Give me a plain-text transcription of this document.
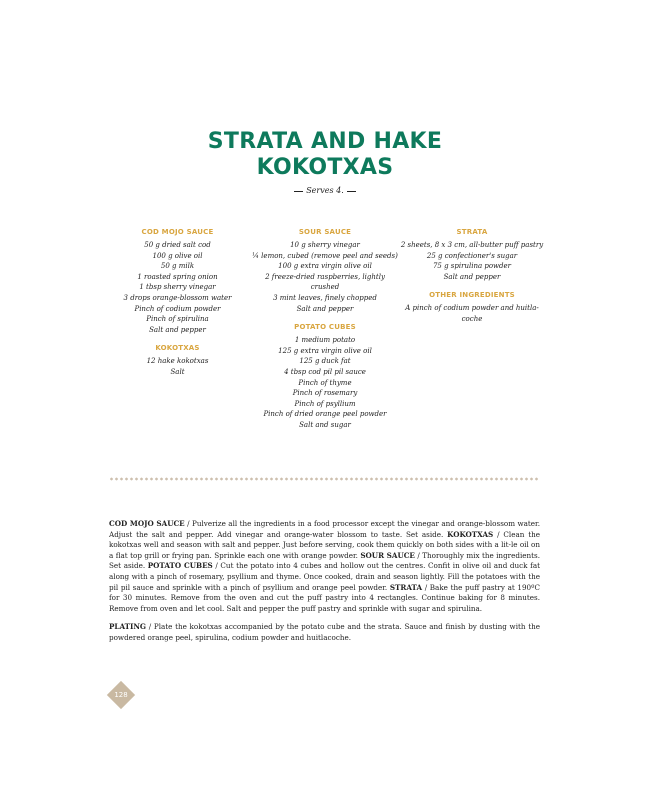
STRATA AND HAKE
KOKOTXAS
Serves 4.
COD MOJO SAUCE
50 g dried salt cod
100 g olive oil
50 g milk
1 roasted spring onion
1 tbsp sherry vinegar
3 drops orange-blossom water
Pinch of codium powder
Pinch of spirulina
Salt and pepper
KOKOTXAS
12 hake kokotxas
Salt
SOUR SAUCE
10 g sherry vinegar
¼ lemon, cubed (remove peel and seeds)
100 g extra virgin olive oil
2 freeze-dried raspberries, lightly crushed
3 mint leaves, finely chopped
Salt and pepper
POTATO CUBES
1 medium potato
125 g extra virgin olive oil
125 g duck fat
4 tbsp cod pil pil sauce
Pinch of thyme
Pinch of rosemary
Pinch of psyllium
Pinch of dried orange peel powder
Salt and sugar
STRATA
2 sheets, 8 x 3 cm, all-butter puff pastry
25 g confectioner's sugar
75 g spirulina powder
Salt and pepper
OTHER INGREDIENTS
A pinch of codium powder and huitla-coche

COD MOJO SAUCE / Pulverize all the ingredients in a food processor except the vinegar and orange-blossom water. Adjust the salt and pepper. Add vinegar and orange-water blossom to taste. Set aside. KOKOTXAS / Clean the kokotxas well and season with salt and pepper. Just before serving, cook them quickly on both sides with a lit-le oil on a flat top grill or frying pan. Sprinkle each one with orange powder. SOUR SAUCE / Thoroughly mix the ingredients. Set aside. POTATO CUBES / Cut the potato into 4 cubes and hollow out the centres. Confit in olive oil and duck fat along with a pinch of rosemary, psyllium and thyme. Once cooked, drain and season lightly. Fill the potatoes with the pil pil sauce and sprinkle with a pinch of psyllium and orange peel powder. STRATA / Bake the puff pastry at 190ºC for 30 minutes. Remove from the oven and cut the puff pastry into 4 rectangles. Continue baking for 8 minutes. Remove from oven and let cool. Salt and pepper the puff pastry and sprinkle with sugar and spirulina.

PLATING / Plate the kokotxas accompanied by the potato cube and the strata. Sauce and finish by dusting with the powdered orange peel, spirulina, codium powder and huitlacoche.

128
